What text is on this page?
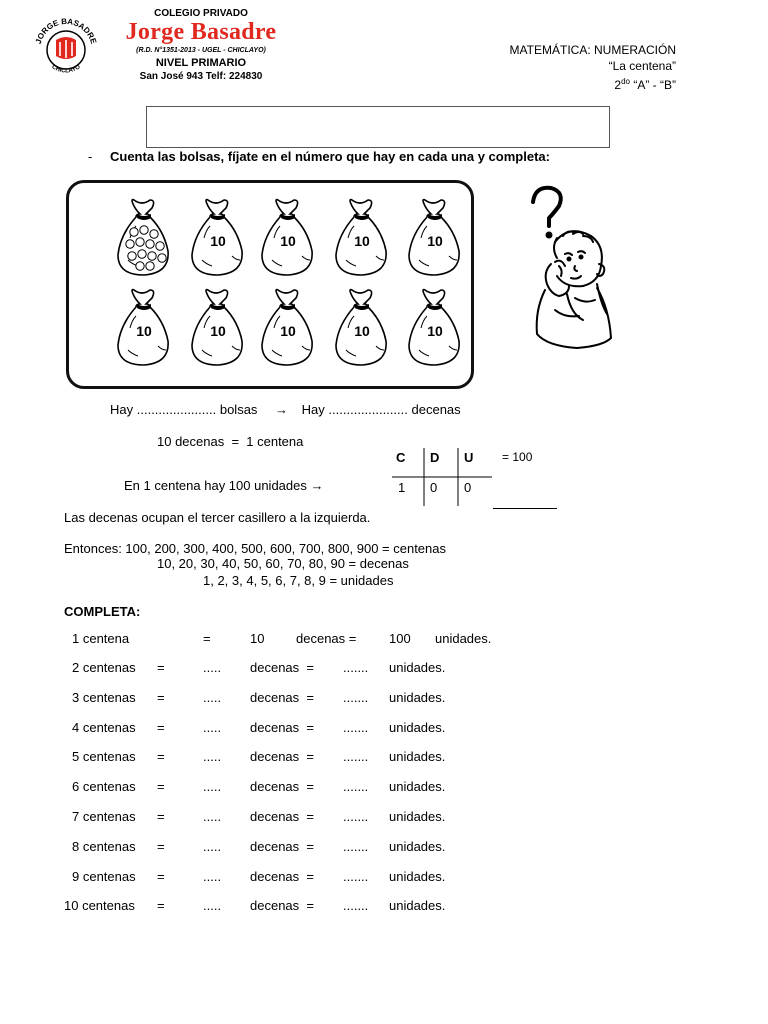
JORGE BASADRE
CHICLAYO
COLEGIO PRIVADO
Jorge Basadre
(R.D. N°1351-2013 - UGEL - CHICLAYO)
NIVEL PRIMARIO
San José 943 Telf: 224830
MATEMÁTICA: NUMERACIÓN
“La centena”
$2^{do}$ “A” - “B”
- Cuenta las bolsas, fíjate en el número que hay en cada una y completa:
10	10	10	10
10	10	10	10	10
Hay ...................... bolsas → Hay ...................... decenas
10 decenas  =  1 centena
En 1 centena hay 100 unidades →
C D U
1 0 0
= 100
Las decenas ocupan el tercer casillero a la izquierda.
Entonces: 100, 200, 300, 400, 500, 600, 700, 800, 900 = centenas
10, 20, 30, 40, 50, 60, 70, 80, 90 = decenas
1, 2, 3, 4, 5, 6, 7, 8, 9 = unidades
COMPLETA:
1 centena	=	10 decenas =	100 unidades.
2 centenas =	..... decenas  = ....... unidades.
3 centenas =	..... decenas  = ....... unidades.
4 centenas =	..... decenas  = ....... unidades.
5 centenas =	..... decenas  = ....... unidades.
6 centenas =	..... decenas  = ....... unidades.
7 centenas =	..... decenas  = ....... unidades.
8 centenas =	..... decenas  = ....... unidades.
9 centenas =	..... decenas  = ....... unidades.
10 centenas =	..... decenas  = ....... unidades.
